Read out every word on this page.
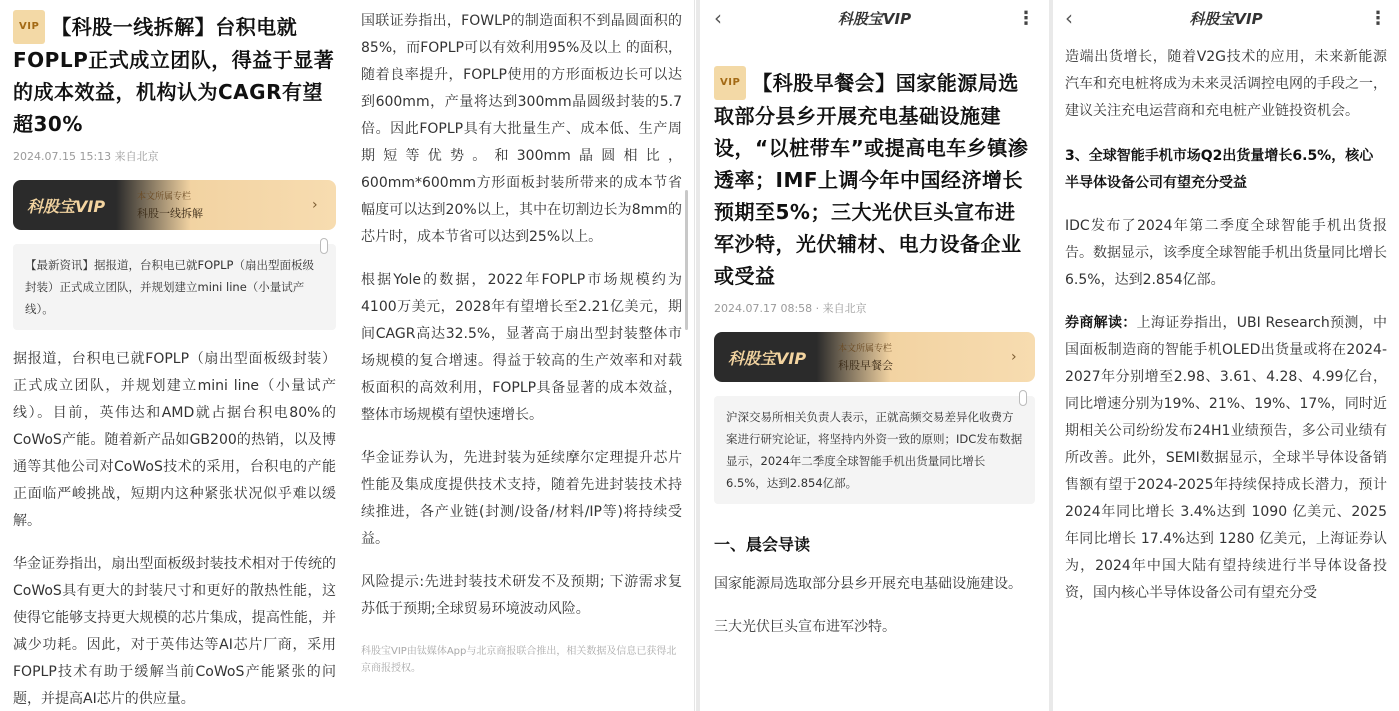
VIP 【科股一线拆解】台积电就FOPLP正式成立团队，得益于显著的成本效益，机构认为CAGR有望超30%
2024.07.15 15:13 来自北京
科股宝VIP	本文所属专栏
科股一线拆解
›
【最新资讯】据报道，台积电已就FOPLP（扇出型面板级封装）正式成立团队，并规划建立mini line（小量试产线）。

据报道，台积电已就FOPLP（扇出型面板级封装）正式成立团队，并规划建立mini line（小量试产线）。目前，英伟达和AMD就占据台积电80%的CoWoS产能。随着新产品如GB200的热销，以及博通等其他公司对CoWoS技术的采用，台积电的产能正面临严峻挑战，短期内这种紧张状况似乎难以缓解。

华金证券指出，扇出型面板级封装技术相对于传统的CoWoS具有更大的封装尺寸和更好的散热性能，这使得它能够支持更大规模的芯片集成，提高性能，并减少功耗。因此，对于英伟达等AI芯片厂商，采用FOPLP技术有助于缓解当前CoWoS产能紧张的问题，并提高AI芯片的供应量。

国联证券指出，FOWLP的制造面积不到晶圆面积的85%，而FOPLP可以有效利用95%及以上 的面积，随着良率提升，FOPLP使用的方形面板边长可以达到600mm，产量将达到300mm晶圆级封装的5.7倍。因此FOPLP具有大批量生产、成本低、生产周期短等优势。和300mm晶圆相比，600mm*600mm方形面板封装所带来的成本节省幅度可以达到20%以上，其中在切割边长为8mm的芯片时，成本节省可以达到25%以上。

根据Yole的数据，2022年FOPLP市场规模约为4100万美元，2028年有望增长至2.21亿美元，期间CAGR高达32.5%，显著高于扇出型封装整体市场规模的复合增速。得益于较高的生产效率和对载板面积的高效利用，FOPLP具备显著的成本效益，整体市场规模有望快速增长。

华金证券认为，先进封装为延续摩尔定理提升芯片性能及集成度提供技术支持，随着先进封装技术持续推进，各产业链(封测/设备/材料/IP等)将持续受益。

风险提示:先进封装技术研发不及预期; 下游需求复苏低于预期;全球贸易环境波动风险。

科股宝VIP由钛媒体App与北京商报联合推出，相关数据及信息已获得北京商报授权。

‹	科股宝VIP	⋮
VIP 【科股早餐会】国家能源局选取部分县乡开展充电基础设施建设，“以桩带车”或提高电车乡镇渗透率；IMF上调今年中国经济增长预期至5%；三大光伏巨头宣布进军沙特，光伏辅材、电力设备企业或受益
2024.07.17 08:58 · 来自北京
科股宝VIP	本文所属专栏
科股早餐会
›
沪深交易所相关负责人表示，正就高频交易差异化收费方案进行研究论证，将坚持内外资一致的原则；IDC发布数据显示，2024年二季度全球智能手机出货量同比增长6.5%，达到2.854亿部。
一、晨会导读

国家能源局选取部分县乡开展充电基础设施建设。

三大光伏巨头宣布进军沙特。

‹	科股宝VIP	⋮

造端出货增长，随着V2G技术的应用，未来新能源汽车和充电桩将成为未来灵活调控电网的手段之一，建议关注充电运营商和充电桩产业链投资机会。

3、全球智能手机市场Q2出货量增长6.5%，核心半导体设备公司有望充分受益

IDC发布了2024年第二季度全球智能手机出货报告。数据显示，该季度全球智能手机出货量同比增长6.5%，达到2.854亿部。

券商解读：上海证券指出，UBI Research预测，中国面板制造商的智能手机OLED出货量或将在2024-2027年分别增至2.98、3.61、4.28、4.99亿台，同比增速分别为19%、21%、19%、17%，同时近期相关公司纷纷发布24H1业绩预告，多公司业绩有所改善。此外，SEMI数据显示，全球半导体设备销售额有望于2024-2025年持续保持成长潜力，预计2024年同比增长 3.4%达到 1090 亿美元、2025 年同比增长 17.4%达到 1280 亿美元，上海证券认为，2024年中国大陆有望持续进行半导体设备投资，国内核心半导体设备公司有望充分受
